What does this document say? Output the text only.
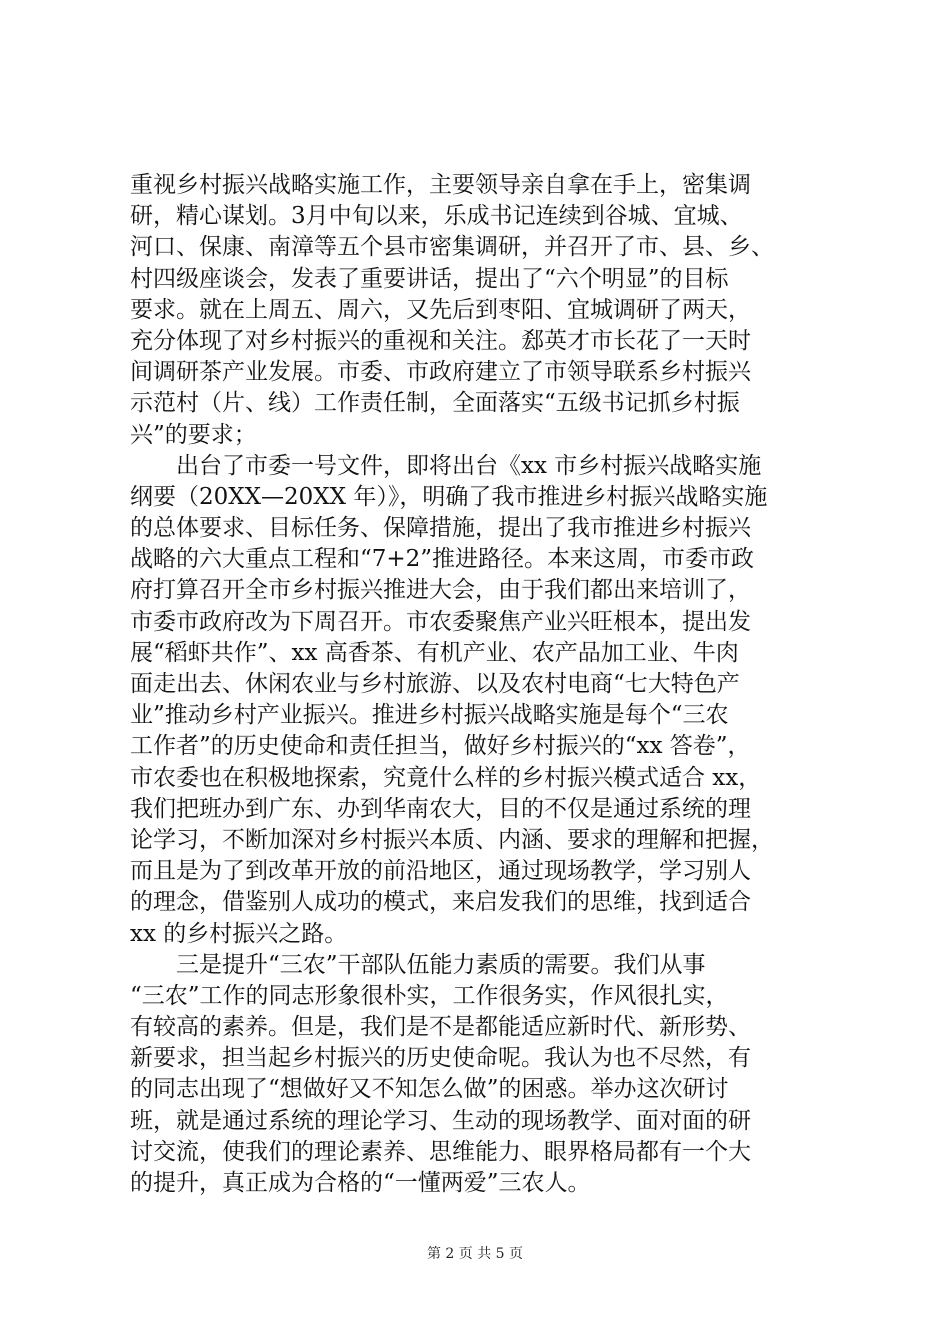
重视乡村振兴战略实施工作，主要领导亲自拿在手上，密集调
研，精心谋划。3月中旬以来，乐成书记连续到谷城、宜城、
河口、保康、南漳等五个县市密集调研，并召开了市、县、乡、
村四级座谈会，发表了重要讲话，提出了“六个明显”的目标
要求。就在上周五、周六，又先后到枣阳、宜城调研了两天，
充分体现了对乡村振兴的重视和关注。郄英才市长花了一天时
间调研茶产业发展。市委、市政府建立了市领导联系乡村振兴
示范村（片、线）工作责任制，全面落实“五级书记抓乡村振
兴”的要求；
　　出台了市委一号文件，即将出台《xx 市乡村振兴战略实施
纲要（20XX—20XX 年）》，明确了我市推进乡村振兴战略实施
的总体要求、目标任务、保障措施，提出了我市推进乡村振兴
战略的六大重点工程和“7+2”推进路径。本来这周，市委市政
府打算召开全市乡村振兴推进大会，由于我们都出来培训了，
市委市政府改为下周召开。市农委聚焦产业兴旺根本，提出发
展“稻虾共作”、xx 高香茶、有机产业、农产品加工业、牛肉
面走出去、休闲农业与乡村旅游、以及农村电商“七大特色产
业”推动乡村产业振兴。推进乡村振兴战略实施是每个“三农
工作者”的历史使命和责任担当，做好乡村振兴的“xx 答卷”，
市农委也在积极地探索，究竟什么样的乡村振兴模式适合 xx，
我们把班办到广东、办到华南农大，目的不仅是通过系统的理
论学习，不断加深对乡村振兴本质、内涵、要求的理解和把握，
而且是为了到改革开放的前沿地区，通过现场教学，学习别人
的理念，借鉴别人成功的模式，来启发我们的思维，找到适合
xx 的乡村振兴之路。
　　三是提升“三农”干部队伍能力素质的需要。我们从事
“三农”工作的同志形象很朴实，工作很务实，作风很扎实，
有较高的素养。但是，我们是不是都能适应新时代、新形势、
新要求，担当起乡村振兴的历史使命呢。我认为也不尽然，有
的同志出现了“想做好又不知怎么做”的困惑。举办这次研讨
班，就是通过系统的理论学习、生动的现场教学、面对面的研
讨交流，使我们的理论素养、思维能力、眼界格局都有一个大
的提升，真正成为合格的“一懂两爱”三农人。
第 2 页 共 5 页
